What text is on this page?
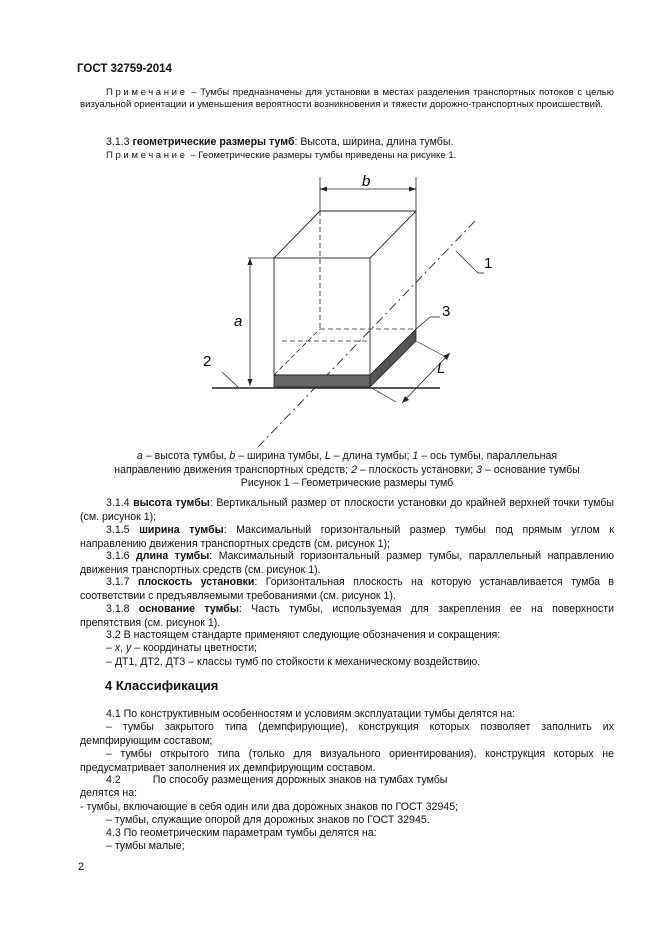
ГОСТ 32759-2014

Примечание – Тумбы предназначены для установки в местах разделения транспортных потоков с целью визуальной ориентации и уменьшения вероятности возникновения и тяжести дорожно-транспортных происшествий.

3.1.3 геометрические размеры тумб: Высота, ширина, длина тумбы.

Примечание – Геометрические размеры тумбы приведены на рисунке 1.

b
a
2
1
3
L
a – высота тумбы, b – ширина тумбы, L – длина тумбы; 1 – ось тумбы, параллельная
направлению движения транспортных средств; 2 – плоскость установки; 3 – основание тумбы
Рисунок 1 – Геометрические размеры тумб

3.1.4 высота тумбы: Вертикальный размер от плоскости установки до крайней верхней точки тумбы (см. рисунок 1);

3.1.5 ширина тумбы: Максимальный горизонтальный размер тумбы под прямым углом к направлению движения транспортных средств (см. рисунок 1);

3.1.6 длина тумбы: Максимальный горизонтальный размер тумбы, параллельный направлению движения транспортных средств (см. рисунок 1).

3.1.7 плоскость установки: Горизонтальная плоскость на которую устанавливается тумба в соответствии с предъявляемыми требованиями (см. рисунок 1).

3.1.8 основание тумбы: Часть тумбы, используемая для закрепления ее на поверхности препятствия (см. рисунок 1).

3.2 В настоящем стандарте применяют следующие обозначения и сокращения:

– х, у – координаты цветности;

– ДТ1, ДТ2, ДТ3 – классы тумб по стойкости к механическому воздействию.

4 Классификация

4.1 По конструктивным особенностям и условиям эксплуатации тумбы делятся на:

– тумбы закрытого типа (демпфирующие), конструкция которых позволяет заполнить их демпфирующим составом;

– тумбы открытого типа (только для визуального ориентирования), конструкция которых не предусматривает заполнения их демпфирующим составом.

4.2	По способу размещения дорожных знаков на тумбах тумбы

делятся на:

- тумбы, включающие в себя один или два дорожных знаков по ГОСТ 32945;

– тумбы, служащие опорой для дорожных знаков по ГОСТ 32945.

4.3 По геометрическим параметрам тумбы делятся на:

– тумбы малые;

2
